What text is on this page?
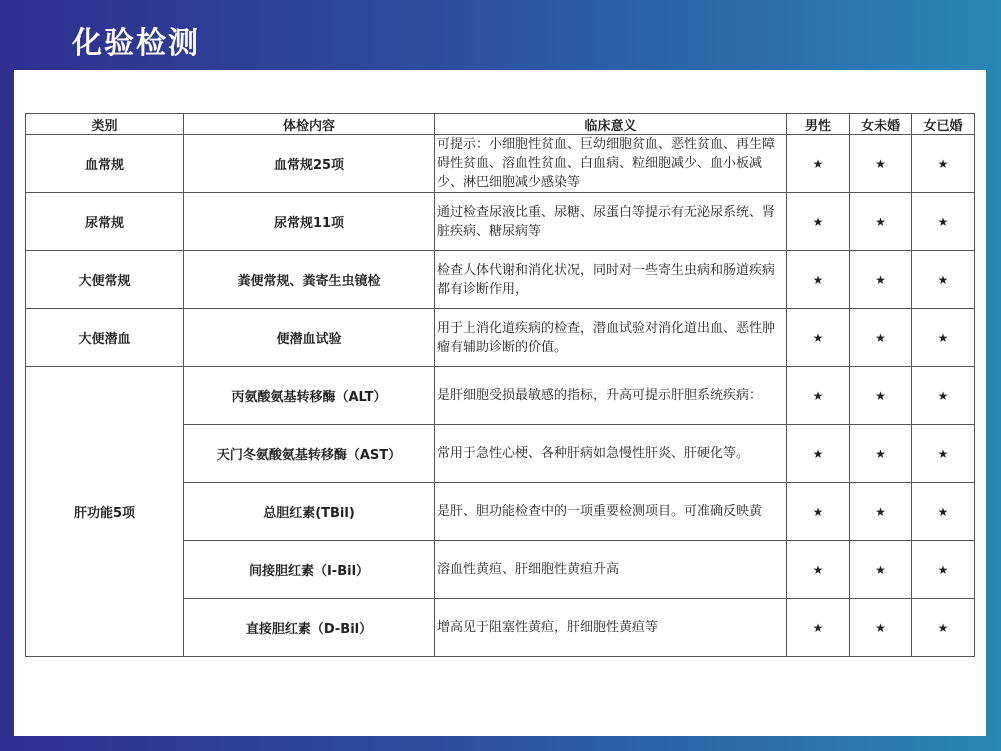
化验检测
类别	体检内容	临床意义	男性	女未婚	女已婚
血常规	血常规25项	可提示：小细胞性贫血、巨幼细胞贫血、恶性贫血、再生障碍性贫血、溶血性贫血、白血病、粒细胞减少、血小板减少、淋巴细胞减少感染等	★	★	★
尿常规	尿常规11项	通过检查尿液比重、尿糖、尿蛋白等提示有无泌尿系统、肾脏疾病、糖尿病等	★	★	★
大便常规	粪便常规、粪寄生虫镜检	检查人体代谢和消化状况，同时对一些寄生虫病和肠道疾病都有诊断作用，	★	★	★
大便潜血	便潜血试验	用于上消化道疾病的检查，潜血试验对消化道出血、恶性肿瘤有辅助诊断的价值。	★	★	★
肝功能5项	丙氨酸氨基转移酶（ALT）	是肝细胞受损最敏感的指标，升高可提示肝胆系统疾病：	★	★	★
	天门冬氨酸氨基转移酶（AST）	常用于急性心梗、各种肝病如急慢性肝炎、肝硬化等。	★	★	★
	总胆红素(TBil)	是肝、胆功能检查中的一项重要检测项目。可准确反映黄	★	★	★
	间接胆红素（I-Bil）	溶血性黄疸、肝细胞性黄疸升高	★	★	★
	直接胆红素（D-Bil）	增高见于阻塞性黄疸，肝细胞性黄疸等	★	★	★
